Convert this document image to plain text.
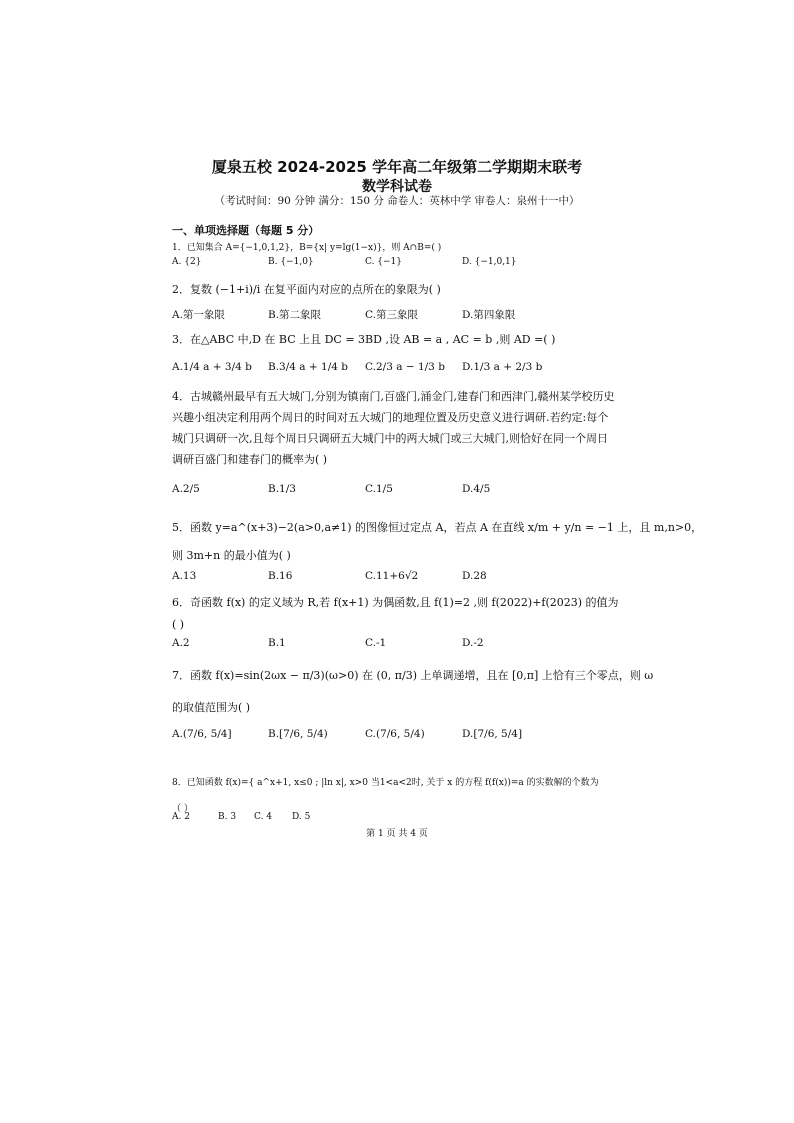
厦泉五校 2024-2025 学年高二年级第二学期期末联考
数学科试卷
（考试时间：90 分钟 满分：150 分 命卷人：英林中学 审卷人：泉州十一中）
一、单项选择题（每题 5 分）
1．已知集合 A={−1,0,1,2}，B={x| y=lg(1−x)}，则 A∩B=( )
A. {2}	B. {−1,0}	C. {−1}	D. {−1,0,1}
2．复数 (−1+i)/i 在复平面内对应的点所在的象限为( )
A.第一象限	B.第二象限	C.第三象限	D.第四象限
3．在△ABC 中,D 在 BC 上且 DC = 3BD ,设 AB = a , AC = b ,则 AD =( )
A.1/4 a + 3/4 b B.3/4 a + 1/4 b C.2/3 a − 1/3 b D.1/3 a + 2/3 b
4．古城赣州最早有五大城门,分别为镇南门,百盛门,涌金门,建春门和西津门,赣州某学校历史
兴趣小组决定利用两个周日的时间对五大城门的地理位置及历史意义进行调研.若约定:每个
城门只调研一次,且每个周日只调研五大城门中的两大城门或三大城门,则恰好在同一个周日
调研百盛门和建春门的概率为( )
A.2/5	B.1/3	C.1/5	D.4/5
5．函数 y=a^(x+3)−2(a>0,a≠1) 的图像恒过定点 A，若点 A 在直线 x/m + y/n = −1 上，且 m,n>0，
则 3m+n 的最小值为( )
A.13	B.16	C.11+6√2	D.28
6．奇函数 f(x) 的定义域为 R,若 f(x+1) 为偶函数,且 f(1)=2 ,则 f(2022)+f(2023) 的值为
( )
A.2	B.1	C.-1	D.-2
7．函数 f(x)=sin(2ωx − π/3)(ω>0) 在 (0, π/3) 上单调递增，且在 [0,π] 上恰有三个零点，则 ω
的取值范围为( )
A.(7/6, 5/4]	B.[7/6, 5/4)	C.(7/6, 5/4)	D.[7/6, 5/4]
8．已知函数 f(x)={ a^x+1, x≤0 ; |ln x|, x>0 当1<a<2时, 关于 x 的方程 f(f(x))=a 的实数解的个数为
（ ）
A. 2	B. 3 C. 4 D. 5
第 1 页 共 4 页
